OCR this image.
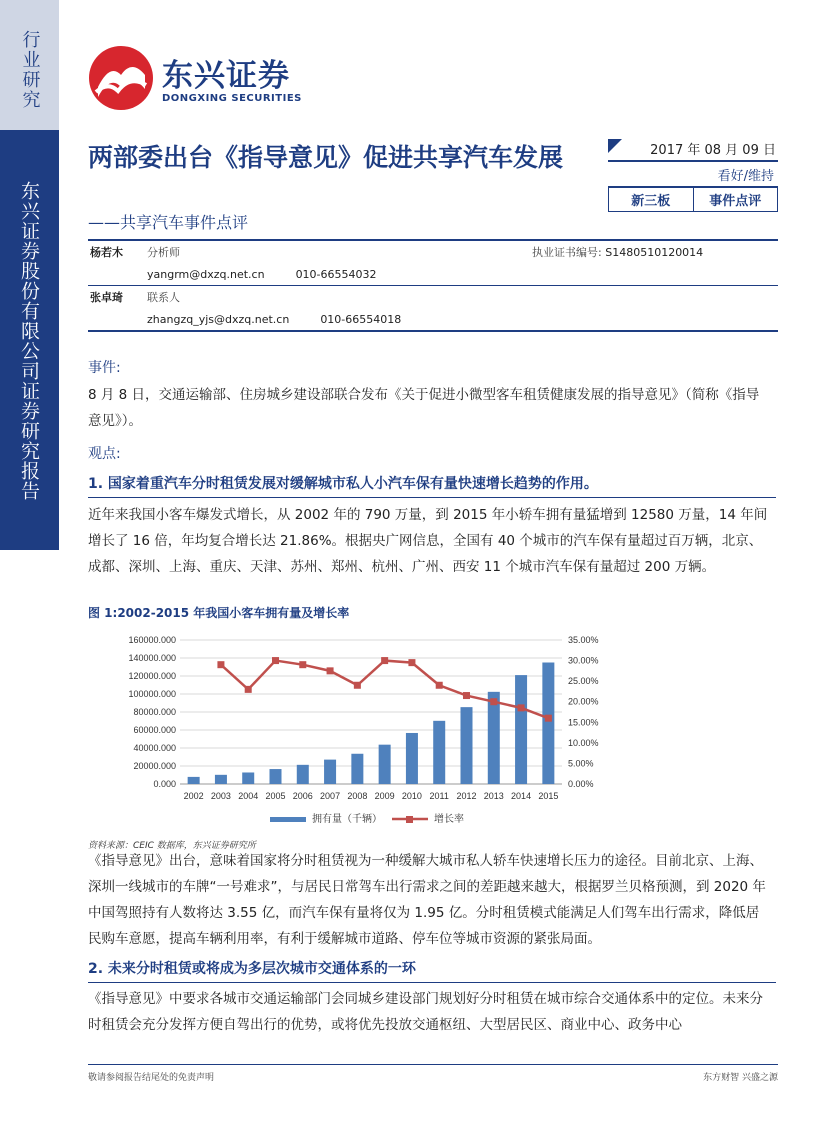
行业研究
东兴证券股份有限公司证券研究报告
东兴证券
DONGXING SECURITIES
两部委出台《指导意见》促进共享汽车发展
——共享汽车事件点评
2017 年 08 月 09 日
看好/维持
新三板	事件点评
杨若木	分析师	执业证书编号: S1480510120014
yangrm@dxzq.net.cn	010-66554032
张卓琦	联系人
zhangzq_yjs@dxzq.net.cn	010-66554018
事件:
8 月 8 日，交通运输部、住房城乡建设部联合发布《关于促进小微型客车租赁健康发展的指导意见》（简称《指导意见》）。
观点:
1. 国家着重汽车分时租赁发展对缓解城市私人小汽车保有量快速增长趋势的作用。
近年来我国小客车爆发式增长，从 2002 年的 790 万量，到 2015 年小轿车拥有量猛增到 12580 万量，14 年间增长了 16 倍，年均复合增长达 21.86%。根据央广网信息，全国有 40 个城市的汽车保有量超过百万辆，北京、成都、深圳、上海、重庆、天津、苏州、郑州、杭州、广州、西安 11 个城市汽车保有量超过 200 万辆。
图 1:2002-2015 年我国小客车拥有量及增长率
0.000
20000.000
40000.000
60000.000
80000.000
100000.000
120000.000
140000.000
160000.000
0.00%
5.00%
10.00%
15.00%
20.00%
25.00%
30.00%
35.00%
2002 2003 2004 2005 2006 2007 2008 2009 2010 2011 2012 2013 2014 2015
拥有量（千辆）	增长率
资料来源：CEIC 数据库，东兴证券研究所
《指导意见》出台，意味着国家将分时租赁视为一种缓解大城市私人轿车快速增长压力的途径。目前北京、上海、深圳一线城市的车牌“一号难求”，与居民日常驾车出行需求之间的差距越来越大，根据罗兰贝格预测，到 2020 年中国驾照持有人数将达 3.55 亿，而汽车保有量将仅为 1.95 亿。分时租赁模式能满足人们驾车出行需求，降低居民购车意愿，提高车辆利用率，有利于缓解城市道路、停车位等城市资源的紧张局面。
2. 未来分时租赁或将成为多层次城市交通体系的一环
《指导意见》中要求各城市交通运输部门会同城乡建设部门规划好分时租赁在城市综合交通体系中的定位。未来分时租赁会充分发挥方便自驾出行的优势，或将优先投放交通枢纽、大型居民区、商业中心、政务中心
敬请参阅报告结尾处的免责声明	东方财智 兴盛之源
